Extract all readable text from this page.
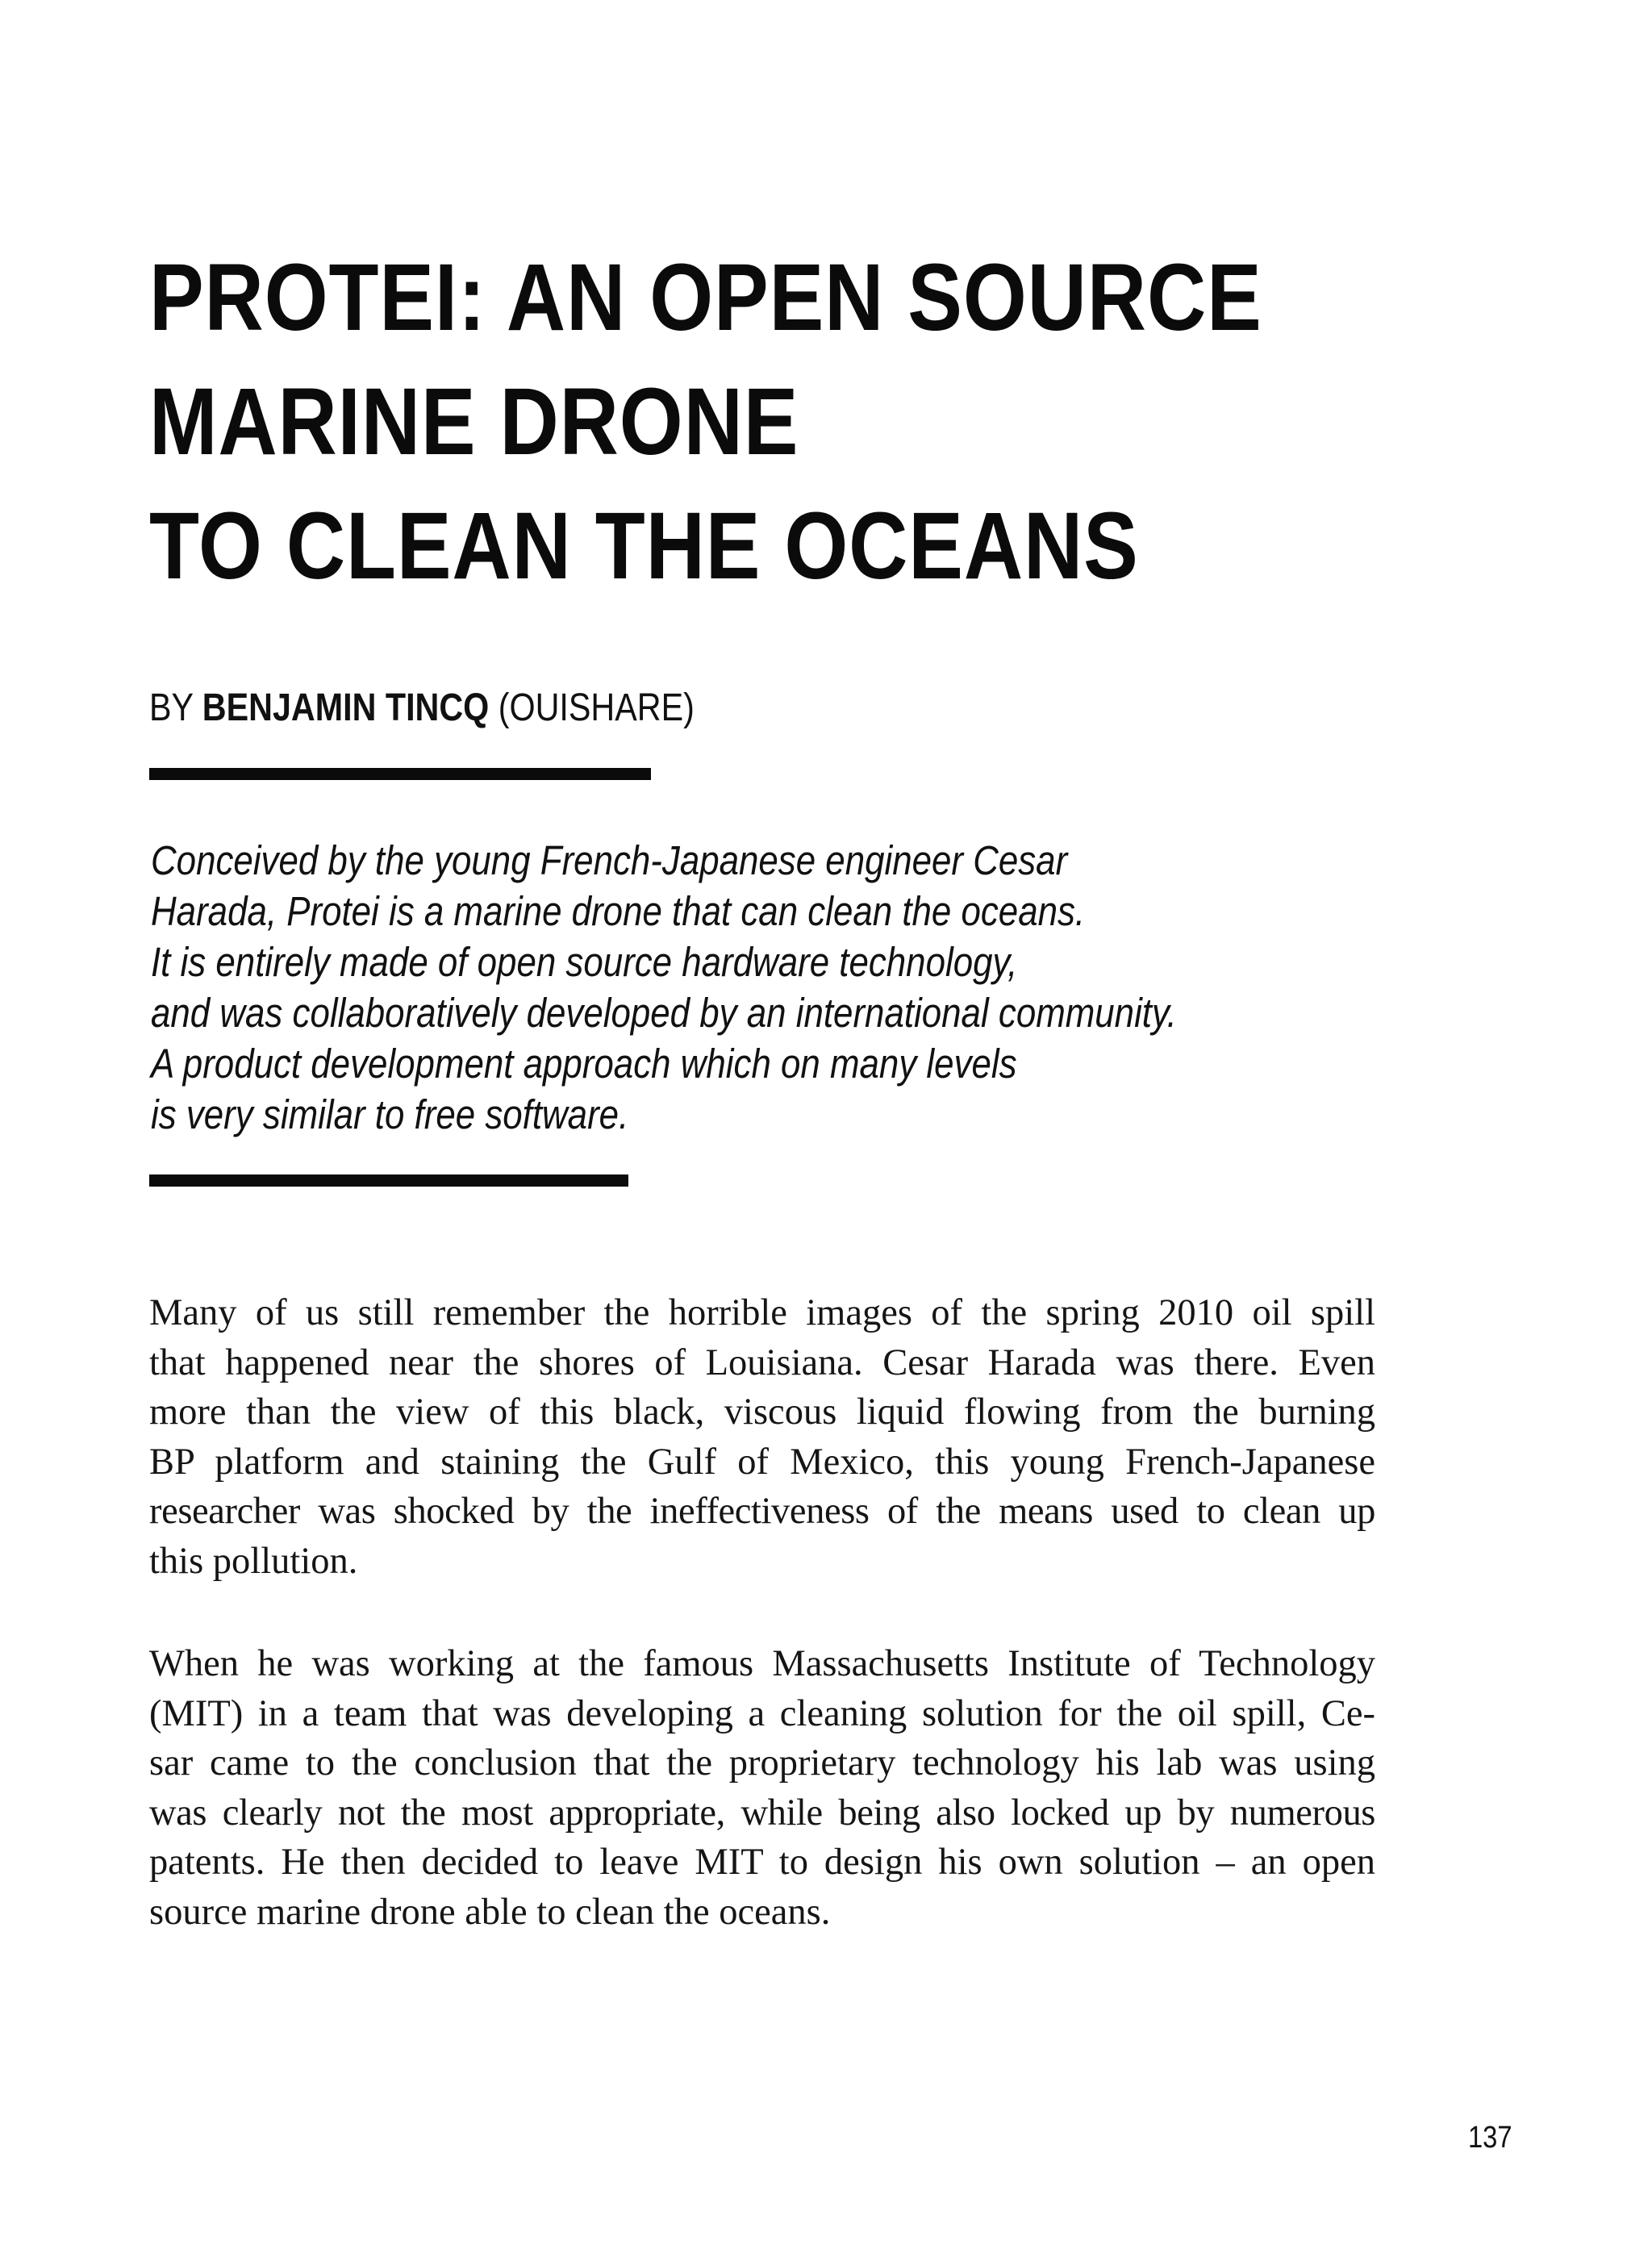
PROTEI: AN OPEN SOURCE
MARINE DRONE
TO CLEAN THE OCEANS
BY BENJAMIN TINCQ (OUISHARE)

Conceived by the young French-Japanese engineer Cesar
Harada, Protei is a marine drone that can clean the oceans.
It is entirely made of open source hardware technology,
and was collaboratively developed by an international community.
A product development approach which on many levels
is very similar to free software.

Many of us still remember the horrible images of the spring 2010 oil spill
that happened near the shores of Louisiana. Cesar Harada was there. Even
more than the view of this black, viscous liquid flowing from the burning
BP platform and staining the Gulf of Mexico, this young French-Japanese
researcher was shocked by the ineffectiveness of the means used to clean up
this pollution.

When he was working at the famous Massachusetts Institute of Technology
(MIT) in a team that was developing a cleaning solution for the oil spill, Ce-
sar came to the conclusion that the proprietary technology his lab was using
was clearly not the most appropriate, while being also locked up by numerous
patents. He then decided to leave MIT to design his own solution – an open
source marine drone able to clean the oceans.

137
